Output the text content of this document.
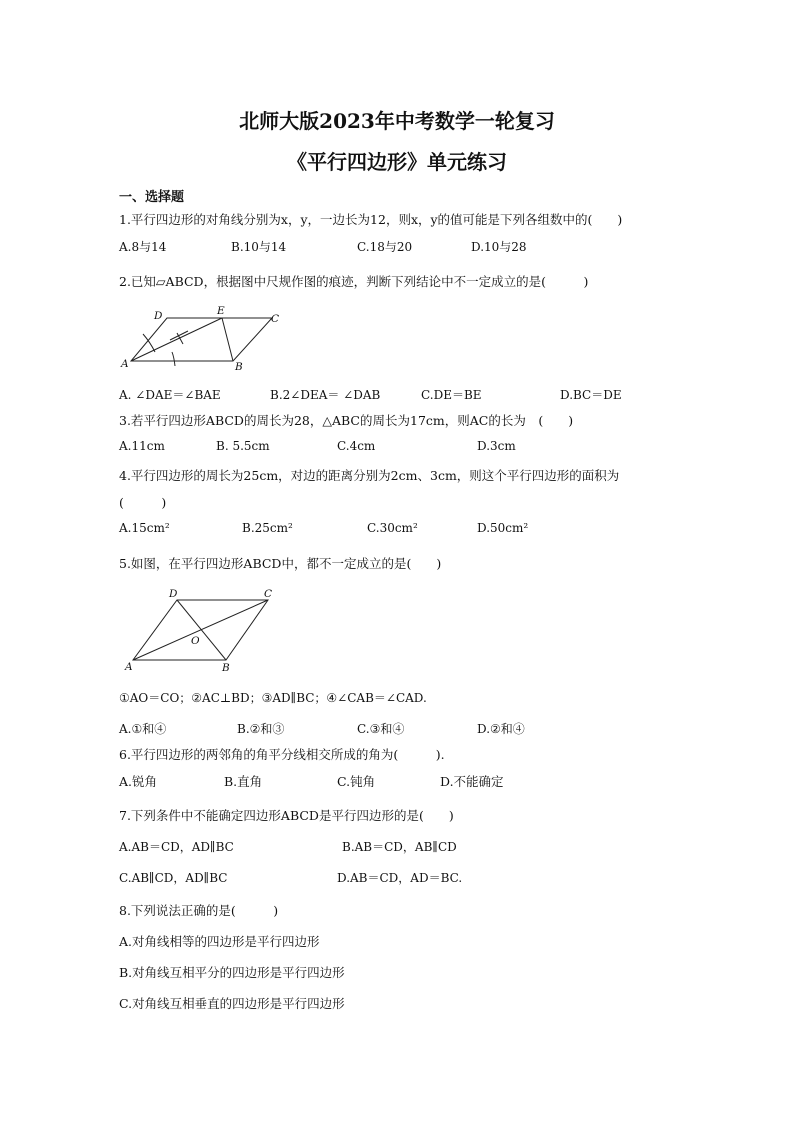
北师大版2023年中考数学一轮复习
《平行四边形》单元练习
一、选择题
1.平行四边形的对角线分别为x，y，一边长为12，则x，y的值可能是下列各组数中的(　　)
A.8与14	B.10与14	C.18与20	D.10与28
2.已知▱ABCD，根据图中尺规作图的痕迹，判断下列结论中不一定成立的是(　　　)
D	E
C
A	B
A. ∠DAE＝∠BAE	B.2∠DEA＝ ∠DAB	C.DE＝BE	D.BC＝DE
3.若平行四边形ABCD的周长为28，△ABC的周长为17cm，则AC的长为　(　　)
A.11cm	B. 5.5cm	C.4cm	D.3cm
4.平行四边形的周长为25cm，对边的距离分别为2cm、3cm，则这个平行四边形的面积为
(　　　)
A.15cm²	B.25cm²	C.30cm²	D.50cm²
5.如图，在平行四边形ABCD中，都不一定成立的是(　　)
D	C
O
A	B
①AO＝CO；②AC⊥BD；③AD∥BC；④∠CAB＝∠CAD.
A.①和④	B.②和③	C.③和④	D.②和④
6.平行四边形的两邻角的角平分线相交所成的角为(　　　).
A.锐角	B.直角	C.钝角	D.不能确定
7.下列条件中不能确定四边形ABCD是平行四边形的是(　　)
A.AB＝CD，AD∥BC	B.AB＝CD，AB∥CD
C.AB∥CD，AD∥BC	D.AB＝CD，AD＝BC.
8.下列说法正确的是(　　　)
A.对角线相等的四边形是平行四边形
B.对角线互相平分的四边形是平行四边形
C.对角线互相垂直的四边形是平行四边形
